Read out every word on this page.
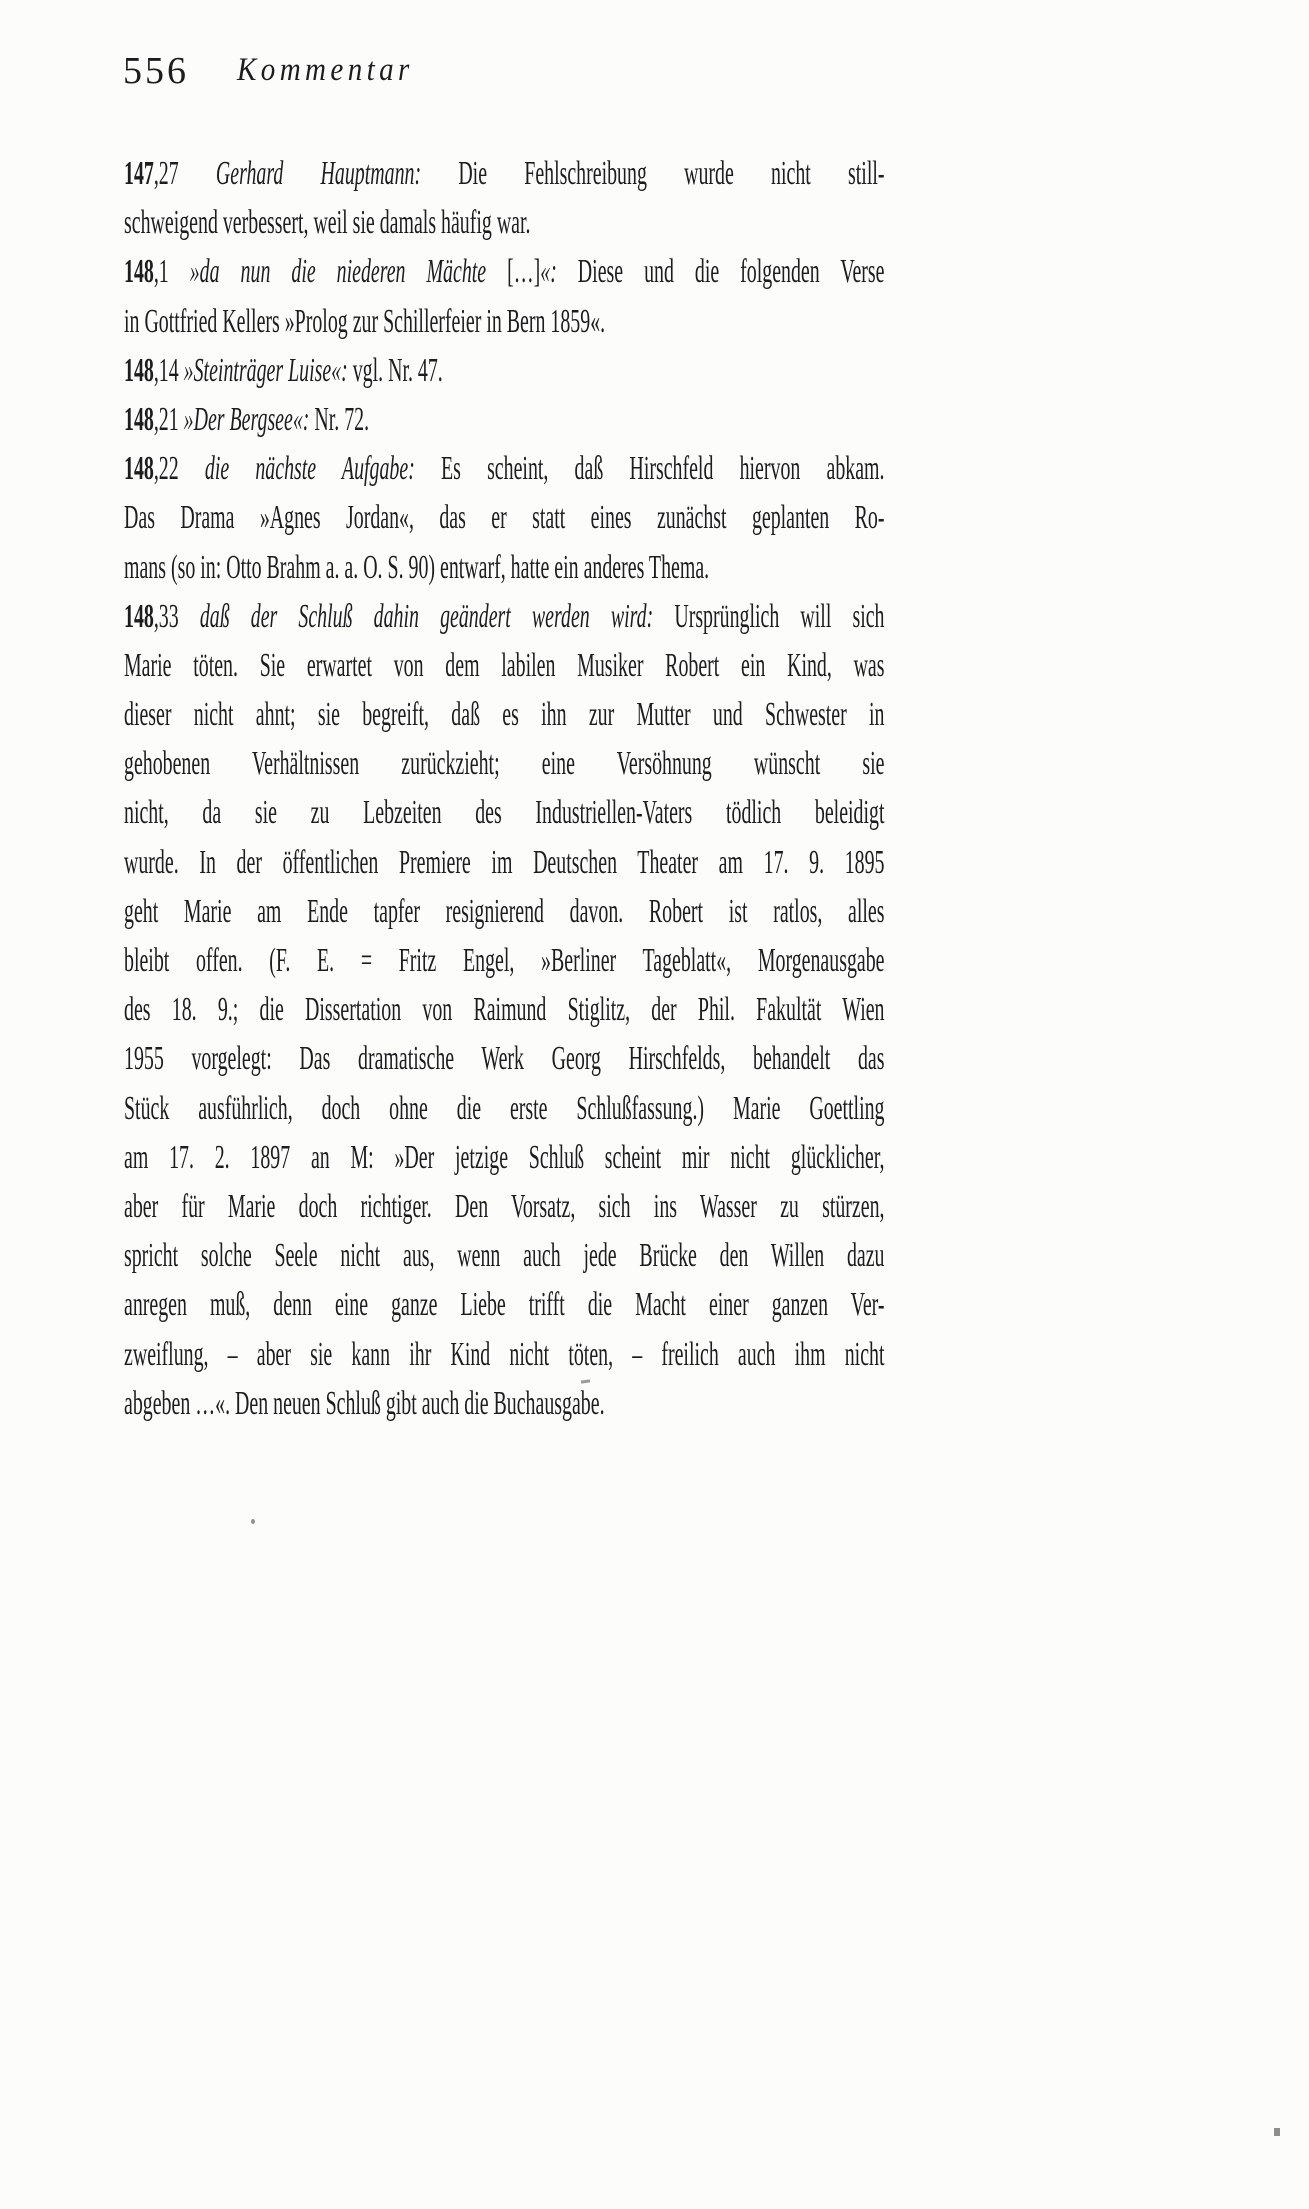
556 Kommentar
147,27 Gerhard Hauptmann: Die Fehlschreibung wurde nicht still-
schweigend verbessert, weil sie damals häufig war.
148,1 »da nun die niederen Mächte […]«: Diese und die folgenden Verse
in Gottfried Kellers »Prolog zur Schillerfeier in Bern 1859«.
148,14 »Steinträger Luise«: vgl. Nr. 47.
148,21 »Der Bergsee«: Nr. 72.
148,22 die nächste Aufgabe: Es scheint, daß Hirschfeld hiervon abkam.
Das Drama »Agnes Jordan«, das er statt eines zunächst geplanten Ro-
mans (so in: Otto Brahm a. a. O. S. 90) entwarf, hatte ein anderes Thema.
148,33 daß der Schluß dahin geändert werden wird: Ursprünglich will sich
Marie töten. Sie erwartet von dem labilen Musiker Robert ein Kind, was
dieser nicht ahnt; sie begreift, daß es ihn zur Mutter und Schwester in
gehobenen Verhältnissen zurückzieht; eine Versöhnung wünscht sie
nicht, da sie zu Lebzeiten des Industriellen-Vaters tödlich beleidigt
wurde. In der öffentlichen Premiere im Deutschen Theater am 17. 9. 1895
geht Marie am Ende tapfer resignierend davon. Robert ist ratlos, alles
bleibt offen. (F. E. = Fritz Engel, »Berliner Tageblatt«, Morgenausgabe
des 18. 9.; die Dissertation von Raimund Stiglitz, der Phil. Fakultät Wien
1955 vorgelegt: Das dramatische Werk Georg Hirschfelds, behandelt das
Stück ausführlich, doch ohne die erste Schlußfassung.) Marie Goettling
am 17. 2. 1897 an M: »Der jetzige Schluß scheint mir nicht glücklicher,
aber für Marie doch richtiger. Den Vorsatz, sich ins Wasser zu stürzen,
spricht solche Seele nicht aus, wenn auch jede Brücke den Willen dazu
anregen muß, denn eine ganze Liebe trifft die Macht einer ganzen Ver-
zweiflung, – aber sie kann ihr Kind nicht töten, – freilich auch ihm nicht
abgeben …«. Den neuen Schluß gibt auch die Buchausgabe.
